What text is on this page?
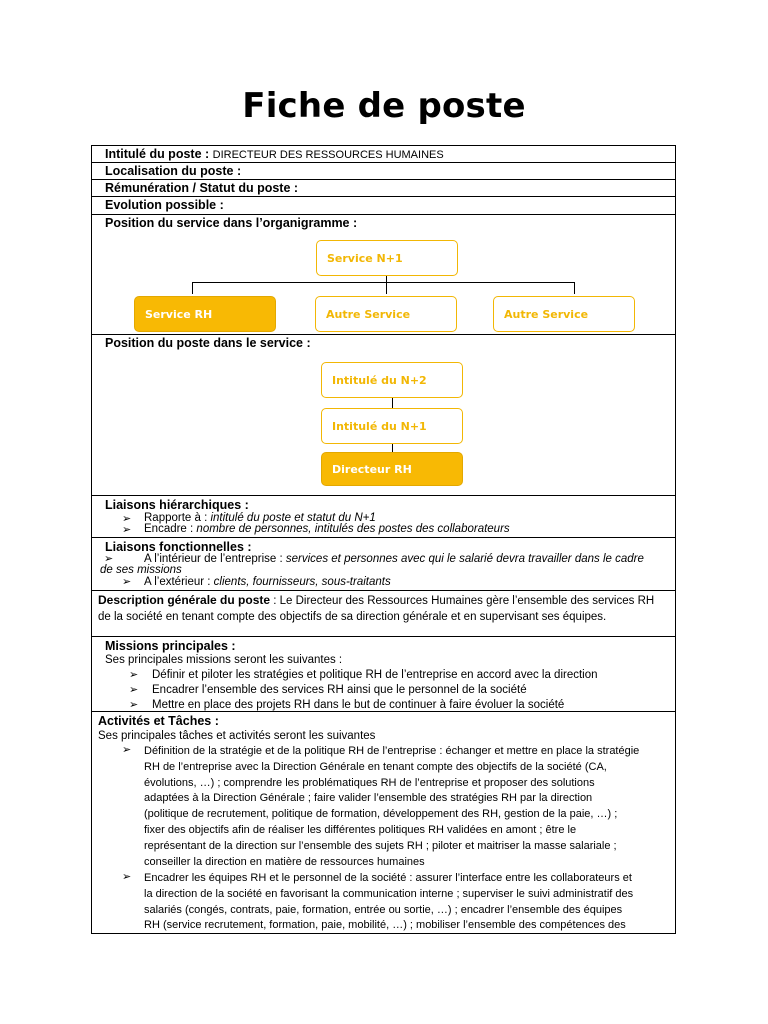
Fiche de poste
Intitulé du poste : DIRECTEUR DES RESSOURCES HUMAINES
Localisation du poste :
Rémunération / Statut du poste :
Evolution possible :
Position du service dans l’organigramme :
Service N+1
Service RH	Autre Service	Autre Service
Position du poste dans le service :
Intitulé du N+2
Intitulé du N+1
Directeur RH
Liaisons hiérarchiques :
➢ Rapporte à : intitulé du poste et statut du N+1
➢ Encadre : nombre de personnes, intitulés des postes des collaborateurs
Liaisons fonctionnelles :
➢	A l’intérieur de l’entreprise : services et personnes avec qui le salarié devra travailler dans le cadre
de ses missions
➢ A l’extérieur : clients, fournisseurs, sous-traitants
Description générale du poste : Le Directeur des Ressources Humaines gère l’ensemble des services RH
de la société en tenant compte des objectifs de sa direction générale et en supervisant ses équipes.
Missions principales :
Ses principales missions seront les suivantes :
➢ Définir et piloter les stratégies et politique RH de l’entreprise en accord avec la direction
➢ Encadrer l’ensemble des services RH ainsi que le personnel de la société
➢ Mettre en place des projets RH dans le but de continuer à faire évoluer la société
Activités et Tâches :
Ses principales tâches et activités seront les suivantes
➢ Définition de la stratégie et de la politique RH de l’entreprise : échanger et mettre en place la stratégie
RH de l’entreprise avec la Direction Générale en tenant compte des objectifs de la société (CA,
évolutions, …) ; comprendre les problématiques RH de l’entreprise et proposer des solutions
adaptées à la Direction Générale ; faire valider l’ensemble des stratégies RH par la direction
(politique de recrutement, politique de formation, développement des RH, gestion de la paie, …) ;
fixer des objectifs afin de réaliser les différentes politiques RH validées en amont ; être le
représentant de la direction sur l’ensemble des sujets RH ; piloter et maitriser la masse salariale ;
conseiller la direction en matière de ressources humaines
➢ Encadrer les équipes RH et le personnel de la société : assurer l’interface entre les collaborateurs et
la direction de la société en favorisant la communication interne ; superviser le suivi administratif des
salariés (congés, contrats, paie, formation, entrée ou sortie, …) ; encadrer l’ensemble des équipes
RH (service recrutement, formation, paie, mobilité, …) ; mobiliser l’ensemble des compétences des
